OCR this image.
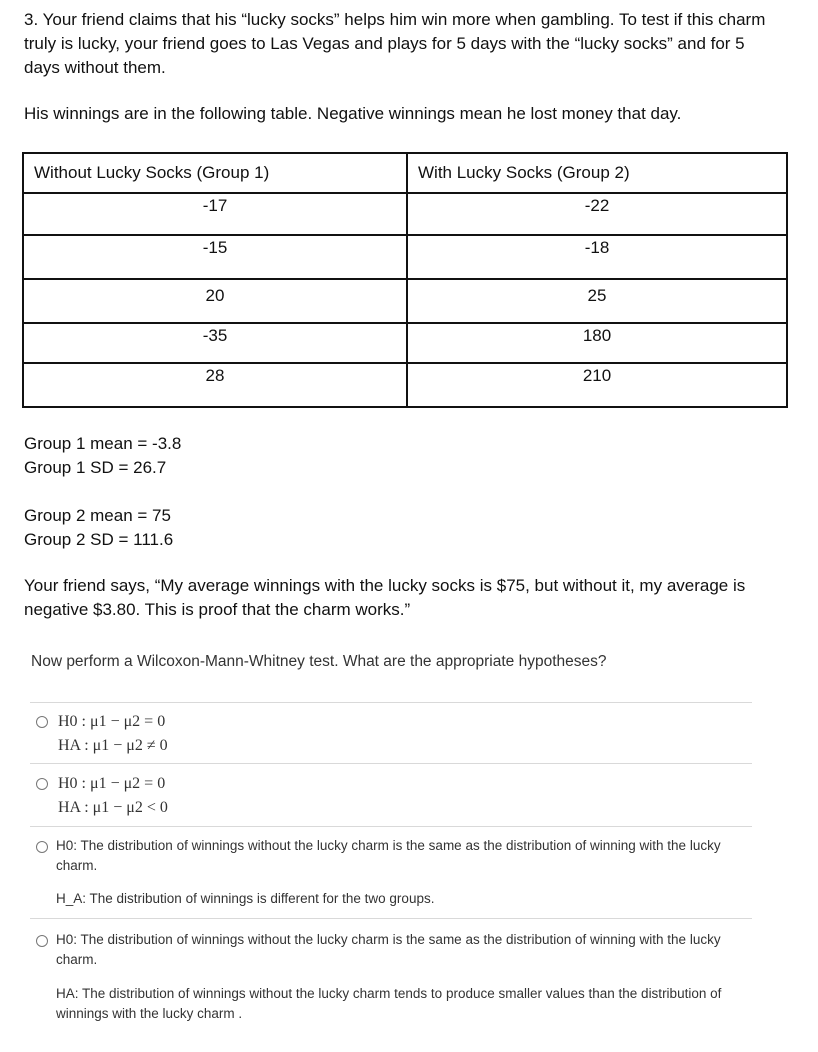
3. Your friend claims that his “lucky socks” helps him win more when gambling. To test if this charm truly is lucky, your friend goes to Las Vegas and plays for 5 days with the “lucky socks” and for 5 days without them.
His winnings are in the following table. Negative winnings mean he lost money that day.
Without Lucky Socks (Group 1)	With Lucky Socks (Group 2)
-17	-22
-15	-18
20	25
-35	180
28	210
Group 1 mean = -3.8
Group 1 SD = 26.7
Group 2 mean = 75
Group 2 SD = 111.6
Your friend says, “My average winnings with the lucky socks is $75, but without it, my average is negative $3.80. This is proof that the charm works.”
Now perform a Wilcoxon-Mann-Whitney test. What are the appropriate hypotheses?
H0 : μ1 − μ2 = 0
HA : μ1 − μ2 ≠ 0
H0 : μ1 − μ2 = 0
HA : μ1 − μ2 < 0
H0: The distribution of winnings without the lucky charm is the same as the distribution of winning with the lucky charm.
H_A: The distribution of winnings is different for the two groups.
H0: The distribution of winnings without the lucky charm is the same as the distribution of winning with the lucky charm.
HA: The distribution of winnings without the lucky charm tends to produce smaller values than the distribution of winnings with the lucky charm .
